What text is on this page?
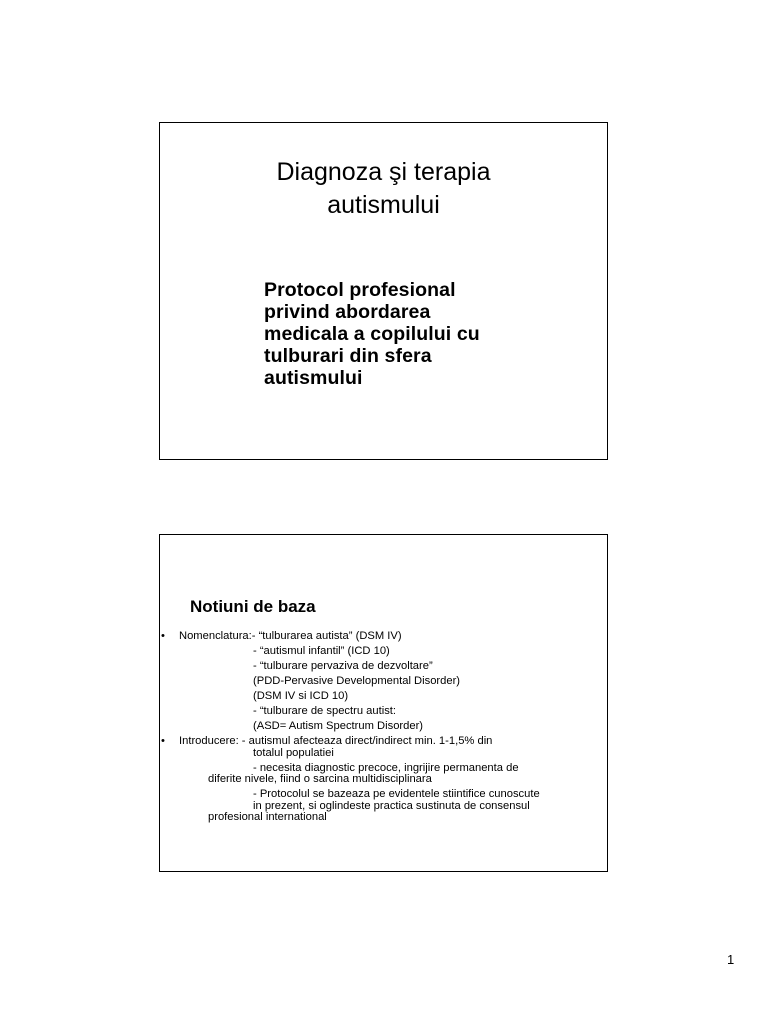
Diagnoza şi terapia
autismului
Protocol profesional
privind abordarea
medicala a copilului cu
tulburari din sfera
autismului
Notiuni de baza
• Nomenclatura:- “tulburarea autista” (DSM IV)
- “autismul infantil” (ICD 10)
- “tulburare pervaziva de dezvoltare”
(PDD-Pervasive Developmental Disorder)
(DSM IV si ICD 10)
- “tulburare de spectru autist:
(ASD= Autism Spectrum Disorder)
• Introducere: - autismul afecteaza direct/indirect min. 1-1,5% din
totalul populatiei
- necesita diagnostic precoce, ingrijire permanenta de
diferite nivele, fiind o sarcina multidisciplinara
- Protocolul se bazeaza pe evidentele stiintifice cunoscute
in prezent, si oglindeste practica sustinuta de consensul
profesional international
1
